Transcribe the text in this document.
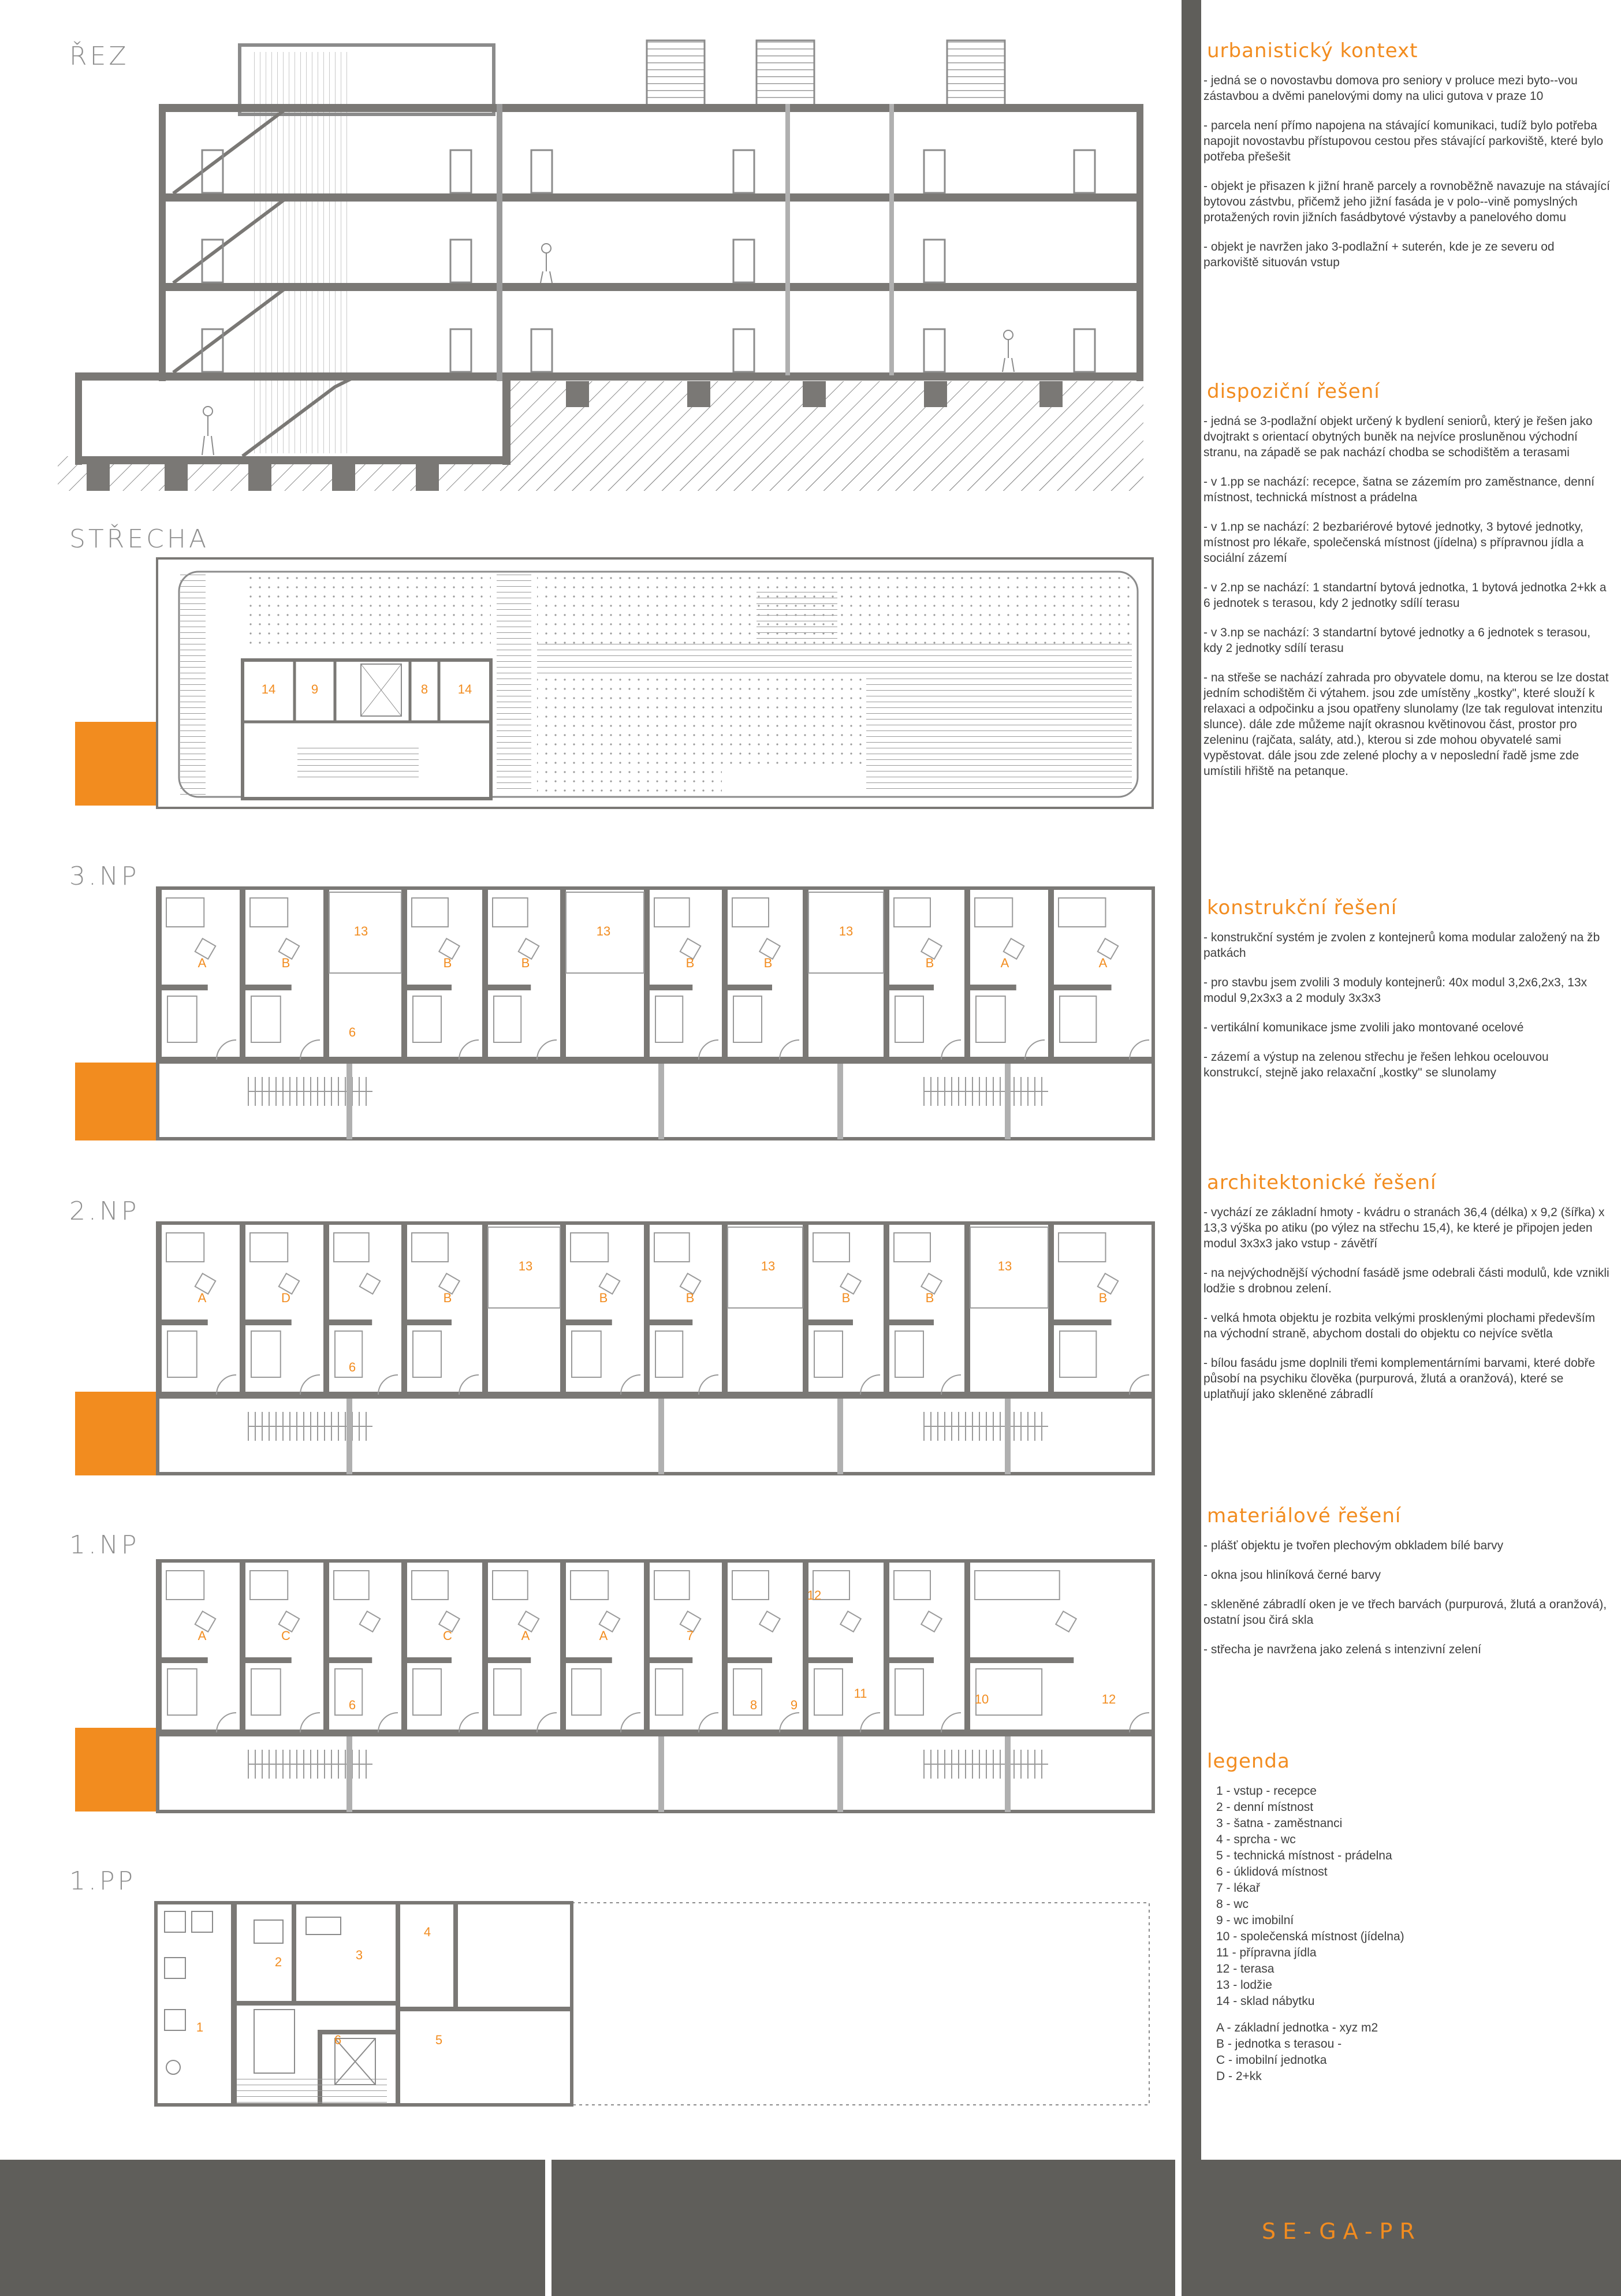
ŘEZ
STŘECHA
14	9	8 14
3.NP
A	B
13
B	B
13
B	B
13
B	A	A
6
2.NP
A	D	B
13
B	B
13
B	B
13
B
6
1.NP
A	C	C	A	A	7
12
8	9
11	10	12
6
1.PP
2	3
4
1
6	5
urbanistický kontext

- jedná se o novostavbu domova pro seniory v proluce mezi byto--vou zástavbou a dvěmi panelovými domy na ulici gutova v praze 10

- parcela není přímo napojena na stávající komunikaci, tudíž bylo potřeba napojit novostavbu přístupovou cestou přes stávající parkoviště, které bylo potřeba přešešit

- objekt je přisazen k jižní hraně parcely a rovnoběžně navazuje na stávající bytovou zástvbu, přičemž jeho jižní fasáda je v polo--vině pomyslných protažených rovin jižních fasádbytové výstavby a panelového domu

- objekt je navržen jako 3-podlažní + suterén, kde je ze severu od parkoviště situován vstup

dispoziční řešení

- jedná se 3-podlažní objekt určený k bydlení seniorů, který je řešen jako dvojtrakt s orientací obytných buněk na nejvíce prosluněnou východní stranu, na západě se pak nachází chodba se schodištěm a terasami

- v 1.pp se nachází: recepce, šatna se zázemím pro zaměstnance, denní místnost, technická místnost a prádelna

- v 1.np se nachází: 2 bezbariérové bytové jednotky, 3 bytové jednotky, místnost pro lékaře, společenská místnost (jídelna) s přípravnou jídla a sociální zázemí

- v 2.np se nachází: 1 standartní bytová jednotka, 1 bytová jednotka 2+kk a 6 jednotek s terasou, kdy 2 jednotky sdílí terasu

- v 3.np se nachází: 3 standartní bytové jednotky a 6 jednotek s terasou, kdy 2 jednotky sdílí terasu

- na střeše se nachází zahrada pro obyvatele domu, na kterou se lze dostat jedním schodištěm či výtahem. jsou zde umístěny „kostky", které slouží k relaxaci a odpočinku a jsou opatřeny slunolamy (lze tak regulovat intenzitu slunce). dále zde můžeme najít okrasnou květinovou část, prostor pro zeleninu (rajčata, saláty, atd.), kterou si zde mohou obyvatelé sami vypěstovat. dále jsou zde zelené plochy a v neposlední řadě jsme zde umístili hřiště na petanque.

konstrukční řešení

- konstrukční systém je zvolen z kontejnerů koma modular založený na žb patkách

- pro stavbu jsem zvolili 3 moduly kontejnerů: 40x modul 3,2x6,2x3, 13x modul 9,2x3x3 a 2 moduly 3x3x3

- vertikální komunikace jsme zvolili jako montované ocelové

- zázemí a výstup na zelenou střechu je řešen lehkou ocelouvou konstrukcí, stejně jako relaxační „kostky" se slunolamy

architektonické řešení

- vychází ze základní hmoty - kvádru o stranách 36,4 (délka) x 9,2 (šířka) x 13,3 výška po atiku (po výlez na střechu 15,4), ke které je připojen jeden modul 3x3x3 jako vstup - závětří

- na nejvýchodnější východní fasádě jsme odebrali části modulů, kde vznikli lodžie s drobnou zelení.

- velká hmota objektu je rozbita velkými prosklenými plochami především na východní straně, abychom dostali do objektu co nejvíce světla

- bílou fasádu jsme doplnili třemi komplementárními barvami, které dobře působí na psychiku člověka (purpurová, žlutá a oranžová), které se uplatňují jako skleněné zábradlí

materiálové řešení

- plášť objektu je tvořen plechovým obkladem bílé barvy

- okna jsou hliníková černé barvy

- skleněné zábradlí oken je ve třech barvách (purpurová, žlutá a oranžová), ostatní jsou čirá skla

- střecha je navržena jako zelená s intenzivní zelení

legenda
1 - vstup - recepce
2 - denní místnost
3 - šatna - zaměstnanci
4 - sprcha - wc
5 - technická místnost - prádelna
6 - úklidová místnost
7 - lékař
8 - wc
9 - wc imobilní
10 - společenská místnost (jídelna)
11 - přípravna jídla
12 - terasa
13 - lodžie
14 - sklad nábytku
A - základní jednotka - xyz m2
B - jednotka s terasou -
C - imobilní jednotka
D - 2+kk
SE-GA-PR
